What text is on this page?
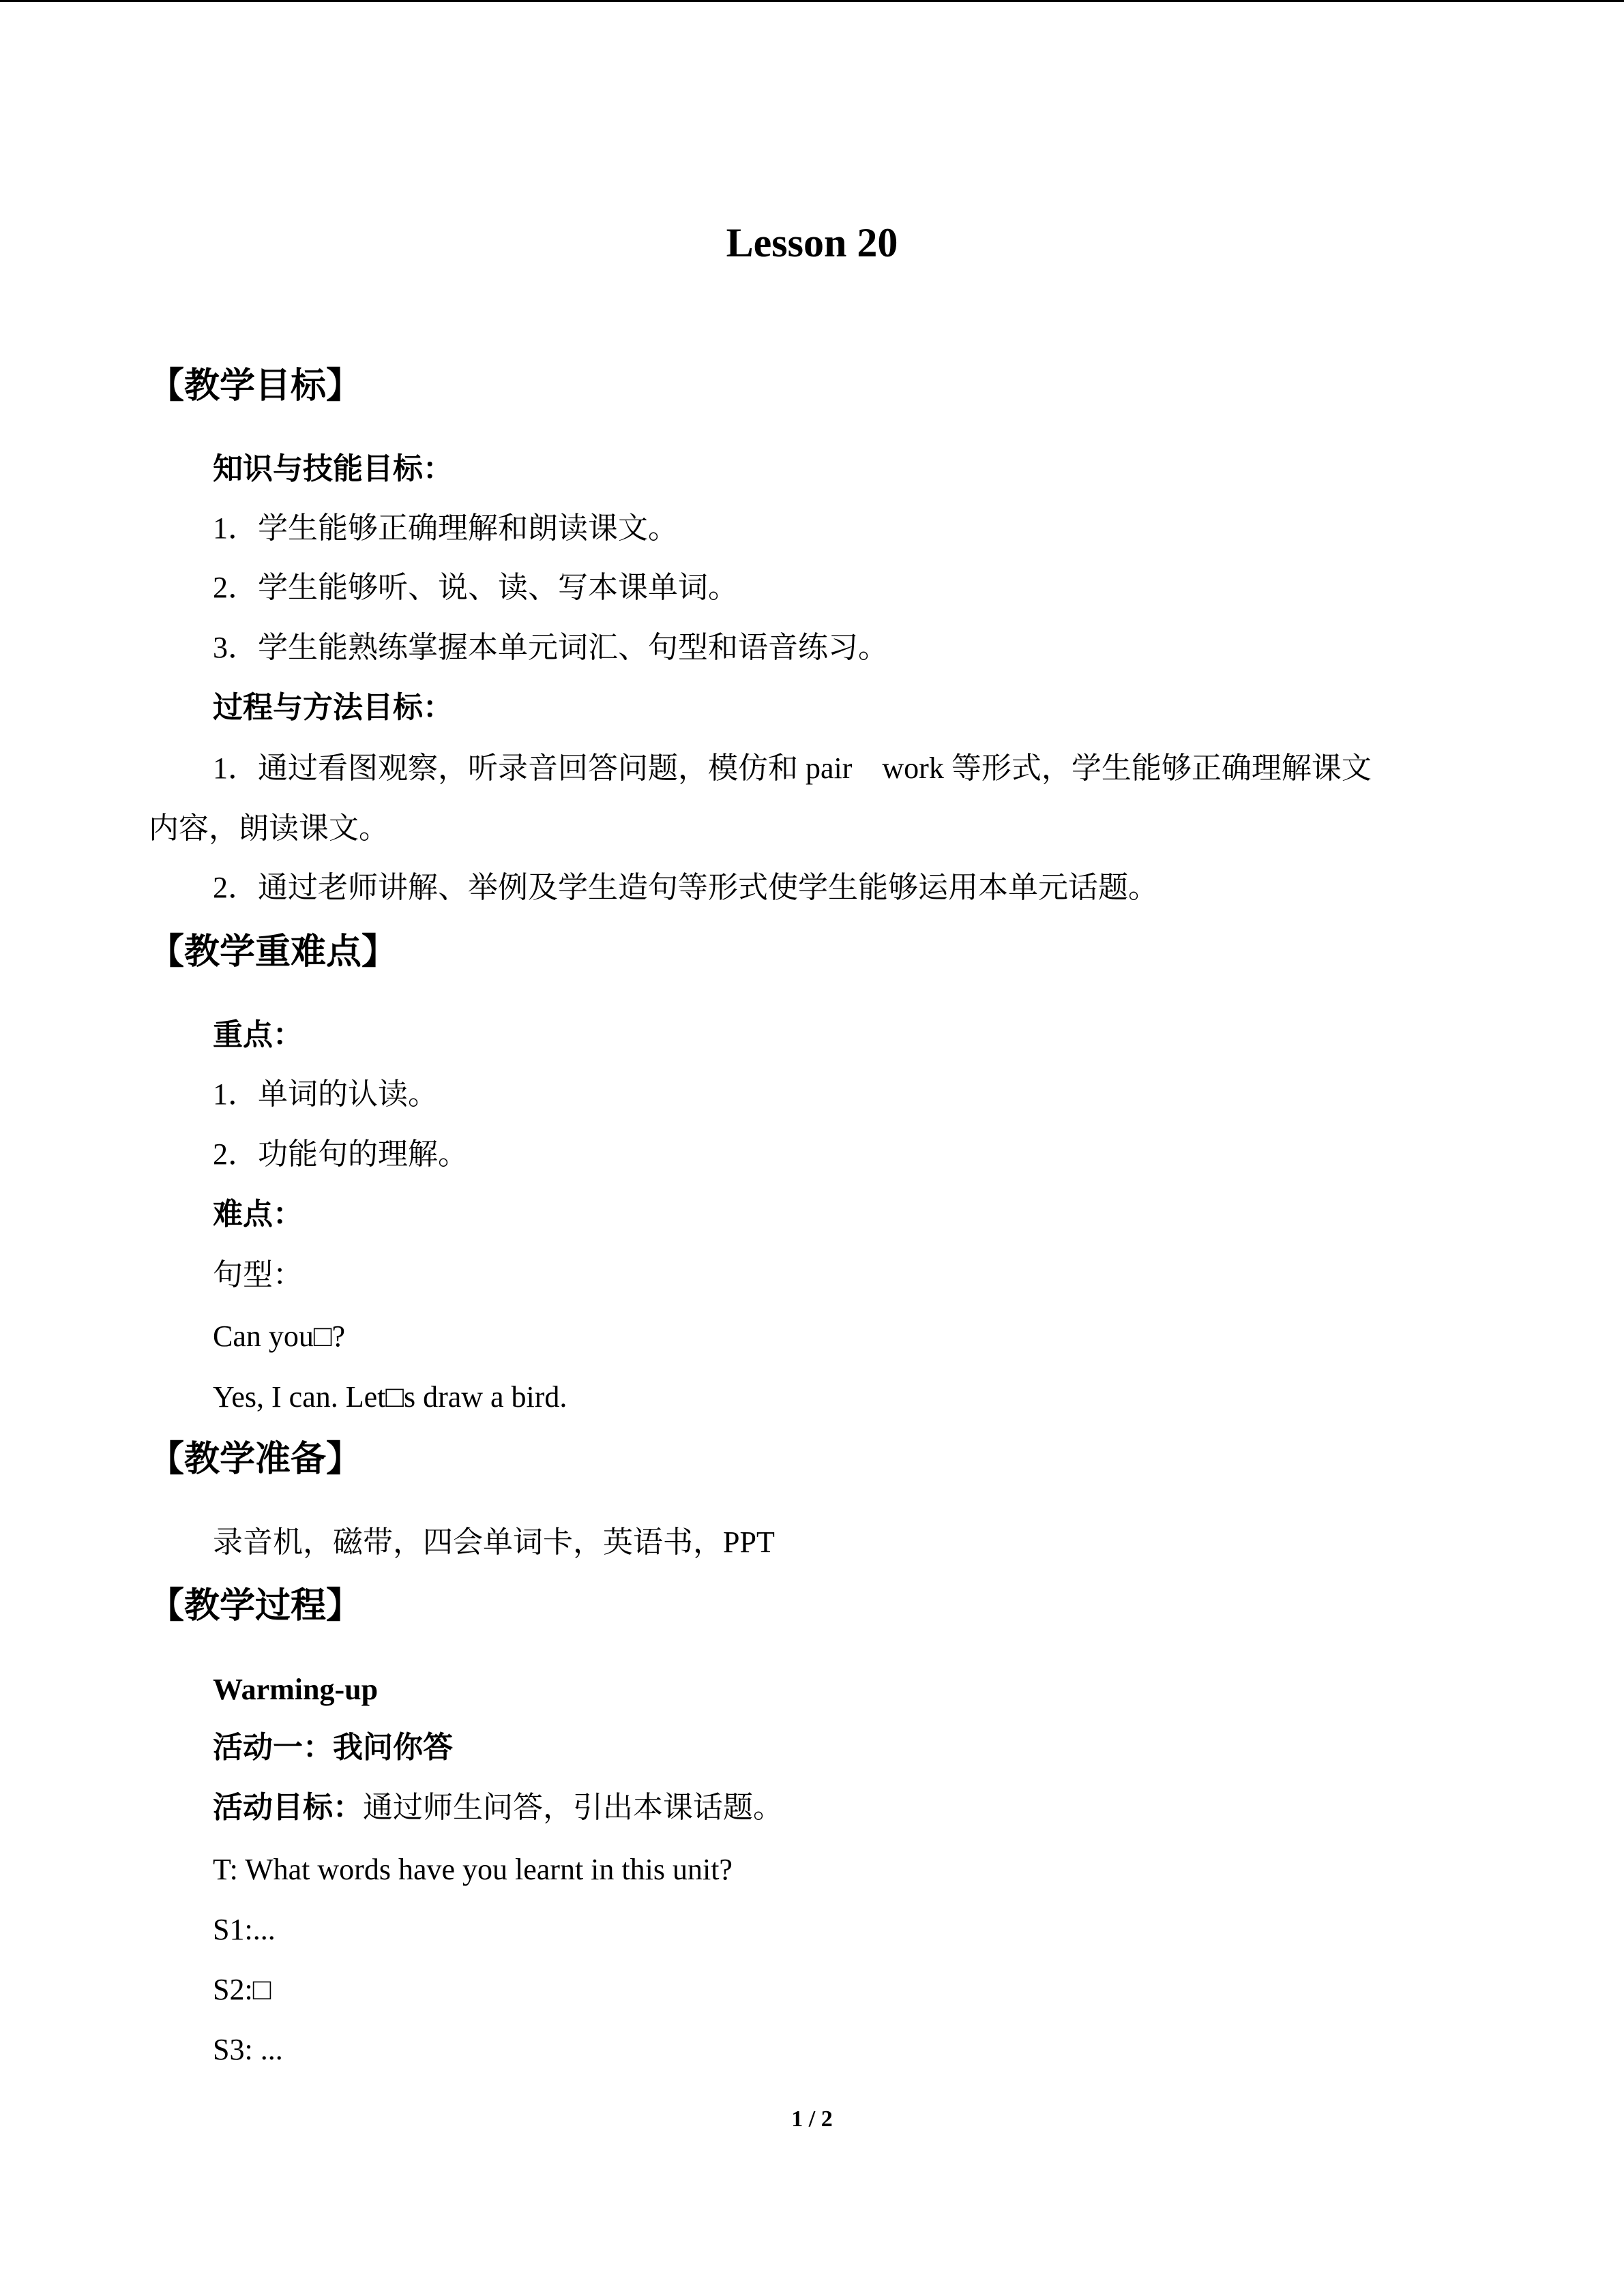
Lesson 20
【教学目标】
知识与技能目标：
1．学生能够正确理解和朗读课文。
2．学生能够听、说、读、写本课单词。
3．学生能熟练掌握本单元词汇、句型和语音练习。
过程与方法目标：
1．通过看图观察，听录音回答问题，模仿和 pair　work 等形式，学生能够正确理解课文
内容，朗读课文。
2．通过老师讲解、举例及学生造句等形式使学生能够运用本单元话题。
【教学重难点】
重点：
1．单词的认读。
2．功能句的理解。
难点：
句型：
Can you□?
Yes, I can. Let□s draw a bird.
【教学准备】
录音机，磁带，四会单词卡，英语书，PPT
【教学过程】
Warming-up
活动一：我问你答
活动目标：通过师生问答，引出本课话题。
T: What words have you learnt in this unit?
S1:...
S2:□
S3: ...
1 / 2
